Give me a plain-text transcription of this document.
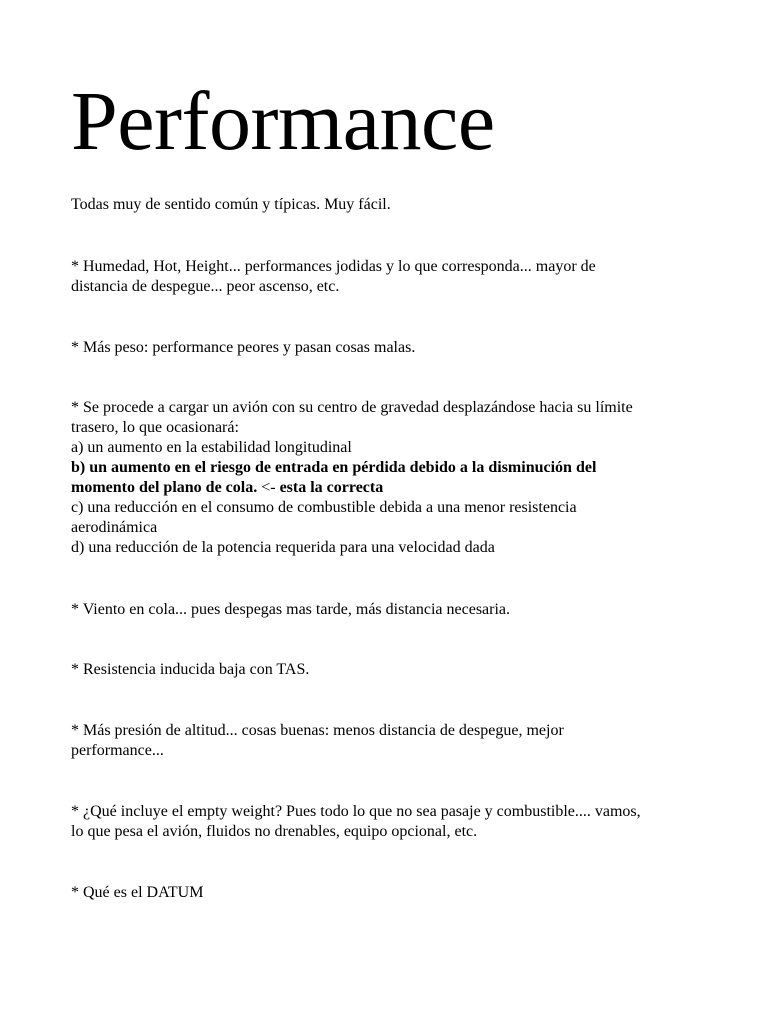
Performance

Todas muy de sentido común y típicas. Muy fácil.

* Humedad, Hot, Height... performances jodidas y lo que corresponda... mayor de
distancia de despegue... peor ascenso, etc.

* Más peso: performance peores y pasan cosas malas.

* Se procede a cargar un avión con su centro de gravedad desplazándose hacia su límite
trasero, lo que ocasionará:
a) un aumento en la estabilidad longitudinal
b) un aumento en el riesgo de entrada en pérdida debido a la disminución del
momento del plano de cola. <- esta la correcta
c) una reducción en el consumo de combustible debida a una menor resistencia
aerodinámica
d) una reducción de la potencia requerida para una velocidad dada

* Viento en cola... pues despegas mas tarde, más distancia necesaria.

* Resistencia inducida baja con TAS.

* Más presión de altitud... cosas buenas: menos distancia de despegue, mejor
performance...

* ¿Qué incluye el empty weight? Pues todo lo que no sea pasaje y combustible.... vamos,
lo que pesa el avión, fluidos no drenables, equipo opcional, etc.

* Qué es el DATUM
